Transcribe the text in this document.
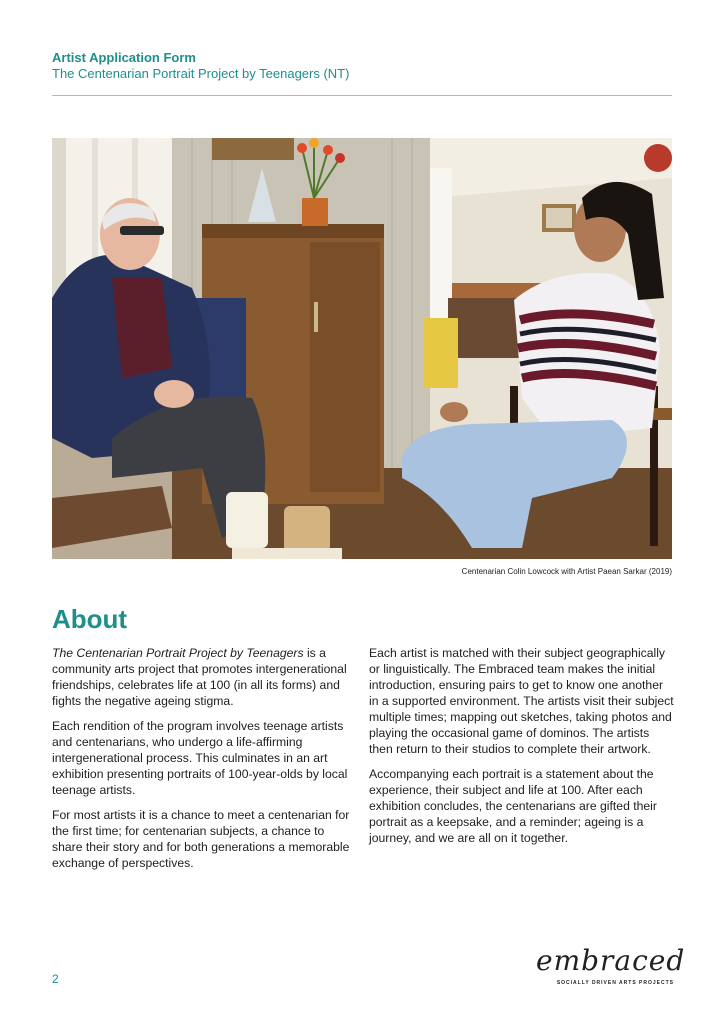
Artist Application Form
The Centenarian Portrait Project by Teenagers (NT)
Centenarian Colin Lowcock with Artist Paean Sarkar (2019)
About

The Centenarian Portrait Project by Teenagers is a community arts project that promotes intergenerational friendships, celebrates life at 100 (in all its forms) and fights the negative ageing stigma.

Each rendition of the program involves teenage artists and centenarians, who undergo a life-affirming intergenerational process. This culminates in an art exhibition presenting portraits of 100-year-olds by local teenage artists.

For most artists it is a chance to meet a centenarian for the first time; for centenarian subjects, a chance to share their story and for both generations a memorable exchange of perspectives.

Each artist is matched with their subject geographically or linguistically. The Embraced team makes the initial introduction, ensuring pairs to get to know one another in a supported environment. The artists visit their subject multiple times; mapping out sketches, taking photos and playing the occasional game of dominos. The artists then return to their studios to complete their artwork.

Accompanying each portrait is a statement about the experience, their subject and life at 100. After each exhibition concludes, the centenarians are gifted their portrait as a keepsake, and a reminder; ageing is a journey, and we are all on it together.

2
embraced
SOCIALLY DRIVEN ARTS PROJECTS
